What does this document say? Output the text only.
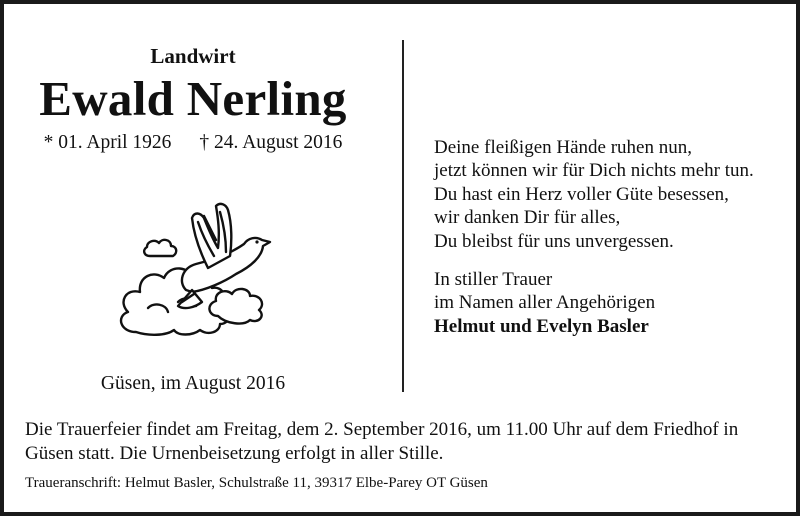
Landwirt
Ewald Nerling
* 01. April 1926 † 24. August 2016
Güsen, im August 2016
Deine fleißigen Hände ruhen nun,
jetzt können wir für Dich nichts mehr tun.
Du hast ein Herz voller Güte besessen,
wir danken Dir für alles,
Du bleibst für uns unvergessen.
In stiller Trauer
im Namen aller Angehörigen
Helmut und Evelyn Basler
Die Trauerfeier findet am Freitag, dem 2. September 2016, um 11.00 Uhr auf dem Friedhof in
Güsen statt. Die Urnenbeisetzung erfolgt in aller Stille.
Traueranschrift: Helmut Basler, Schulstraße 11, 39317 Elbe-Parey OT Güsen
